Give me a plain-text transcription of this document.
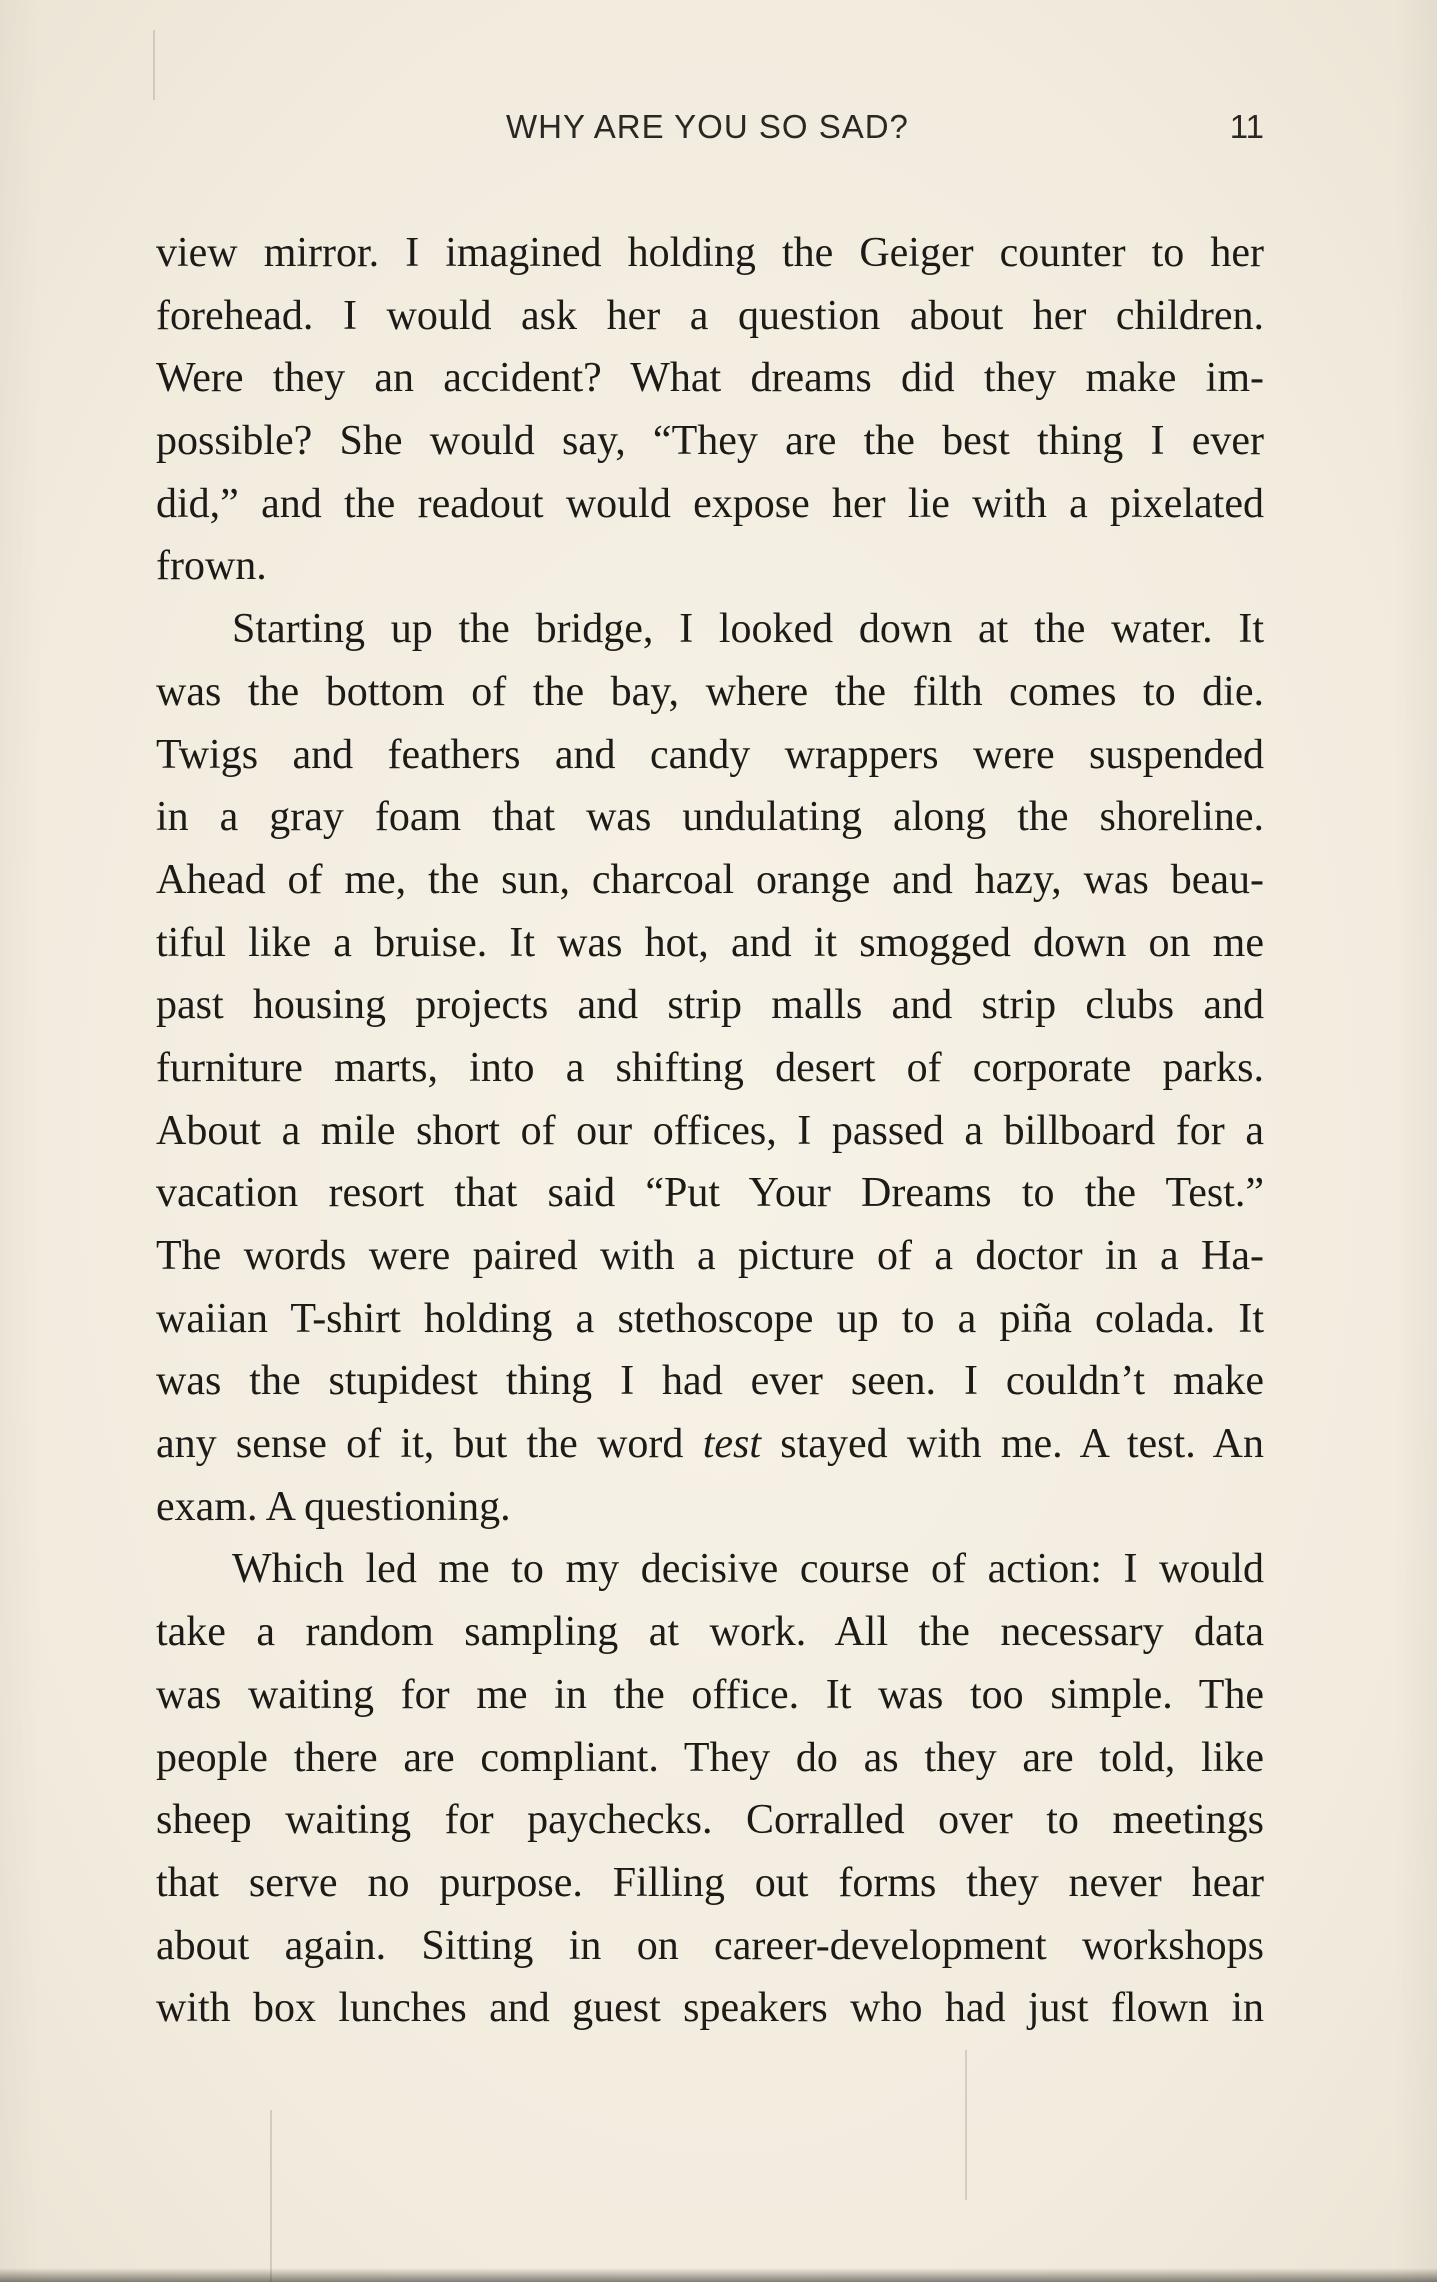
WHY ARE YOU SO SAD?	11
view mirror. I imagined holding the Geiger counter to her
forehead. I would ask her a question about her children.
Were they an accident? What dreams did they make im-
possible? She would say, “They are the best thing I ever
did,” and the readout would expose her lie with a pixelated
frown.
Starting up the bridge, I looked down at the water. It
was the bottom of the bay, where the filth comes to die.
Twigs and feathers and candy wrappers were suspended
in a gray foam that was undulating along the shoreline.
Ahead of me, the sun, charcoal orange and hazy, was beau-
tiful like a bruise. It was hot, and it smogged down on me
past housing projects and strip malls and strip clubs and
furniture marts, into a shifting desert of corporate parks.
About a mile short of our offices, I passed a billboard for a
vacation resort that said “Put Your Dreams to the Test.”
The words were paired with a picture of a doctor in a Ha-
waiian T-shirt holding a stethoscope up to a piña colada. It
was the stupidest thing I had ever seen. I couldn’t make
any sense of it, but the word test stayed with me. A test. An
exam. A questioning.
Which led me to my decisive course of action: I would
take a random sampling at work. All the necessary data
was waiting for me in the office. It was too simple. The
people there are compliant. They do as they are told, like
sheep waiting for paychecks. Corralled over to meetings
that serve no purpose. Filling out forms they never hear
about again. Sitting in on career-development workshops
with box lunches and guest speakers who had just flown in
